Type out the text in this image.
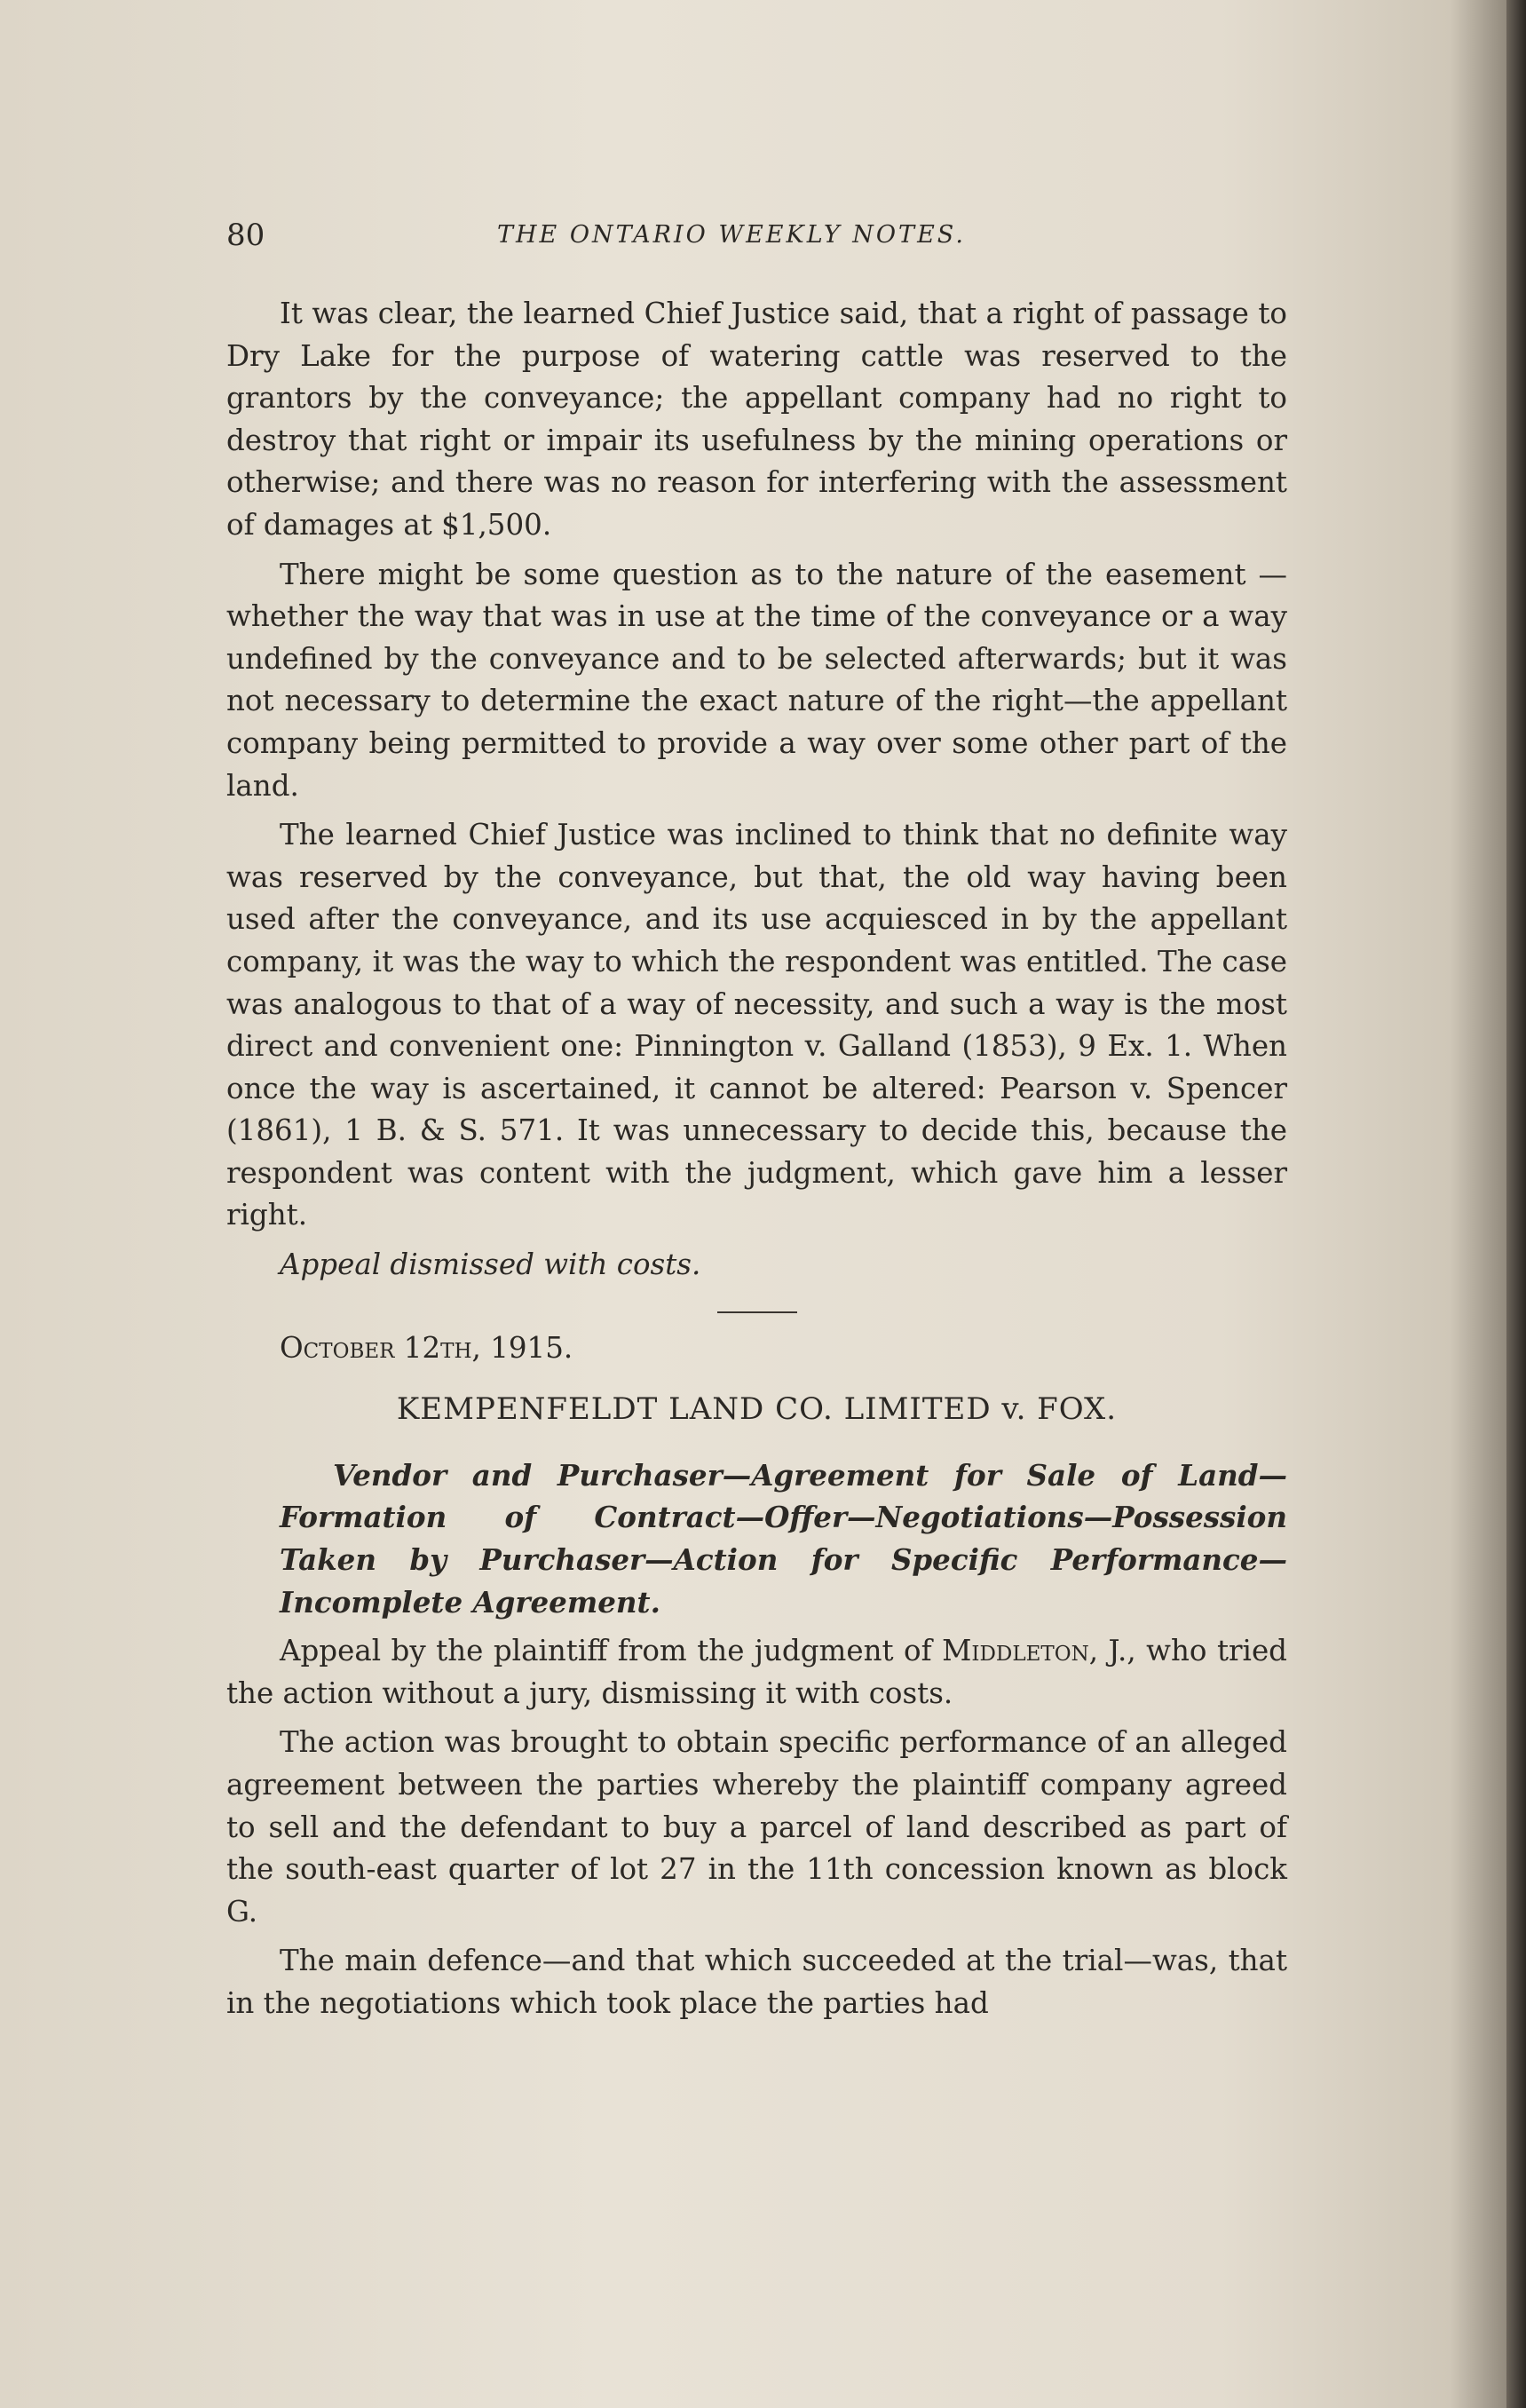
80	THE ONTARIO WEEKLY NOTES.

It was clear, the learned Chief Justice said, that a right of passage to Dry Lake for the purpose of watering cattle was reserved to the grantors by the conveyance; the appellant company had no right to destroy that right or impair its usefulness by the mining operations or otherwise; and there was no reason for interfering with the assessment of damages at $1,500.

There might be some question as to the nature of the easement —whether the way that was in use at the time of the conveyance or a way undefined by the conveyance and to be selected afterwards; but it was not necessary to determine the exact nature of the right—the appellant company being permitted to provide a way over some other part of the land.

The learned Chief Justice was inclined to think that no definite way was reserved by the conveyance, but that, the old way having been used after the conveyance, and its use acquiesced in by the appellant company, it was the way to which the respondent was entitled. The case was analogous to that of a way of necessity, and such a way is the most direct and convenient one: Pinnington v. Galland (1853), 9 Ex. 1. When once the way is ascertained, it cannot be altered: Pearson v. Spencer (1861), 1 B. & S. 571. It was unnecessary to decide this, because the respondent was content with the judgment, which gave him a lesser right.

Appeal dismissed with costs.

October 12th, 1915.

KEMPENFELDT LAND CO. LIMITED v. FOX.

Vendor and Purchaser—Agreement for Sale of Land—Formation of Contract—Offer—Negotiations—Possession Taken by Purchaser—Action for Specific Performance—Incomplete Agreement.

Appeal by the plaintiff from the judgment of Middleton, J., who tried the action without a jury, dismissing it with costs.

The action was brought to obtain specific performance of an alleged agreement between the parties whereby the plaintiff company agreed to sell and the defendant to buy a parcel of land described as part of the south-east quarter of lot 27 in the 11th concession known as block G.

The main defence—and that which succeeded at the trial—was, that in the negotiations which took place the parties had
